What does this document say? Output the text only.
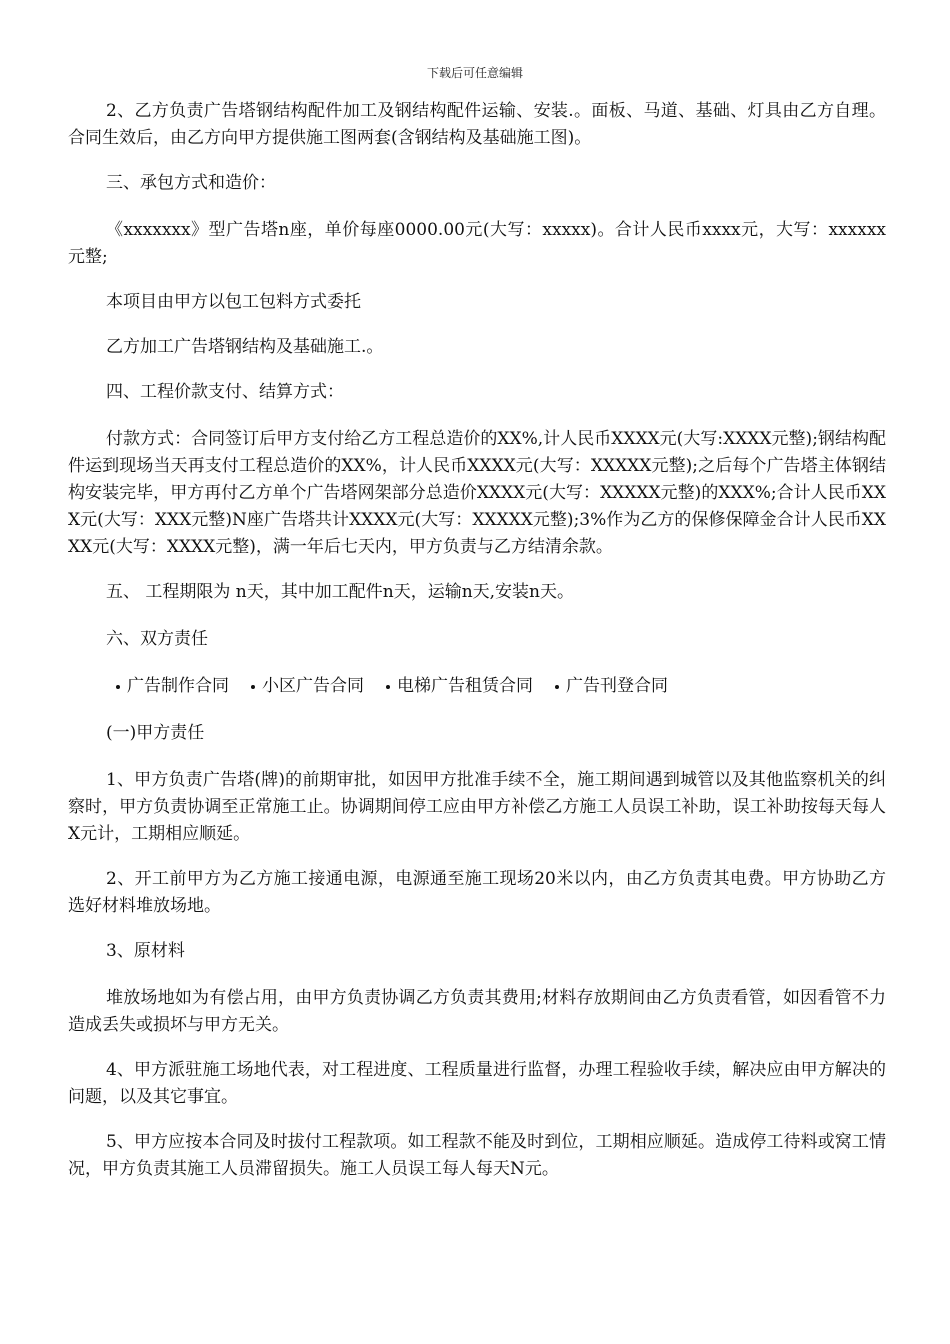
下载后可任意编辑

2、乙方负责广告塔钢结构配件加工及钢结构配件运输、安装.。面板、马道、基础、灯具由乙方自理。合同生效后，由乙方向甲方提供施工图两套(含钢结构及基础施工图)。

三、承包方式和造价：

《xxxxxxx》型广告塔n座，单价每座0000.00元(大写：xxxxx)。合计人民币xxxx元，大写：xxxxxx元整;

本项目由甲方以包工包料方式委托

乙方加工广告塔钢结构及基础施工.。

四、工程价款支付、结算方式：

付款方式：合同签订后甲方支付给乙方工程总造价的XX%,计人民币XXXX元(大写:XXXX元整);钢结构配件运到现场当天再支付工程总造价的XX%，计人民币XXXX元(大写：XXXXX元整);之后每个广告塔主体钢结构安装完毕，甲方再付乙方单个广告塔网架部分总造价XXXX元(大写：XXXXX元整)的XXX%;合计人民币XXX元(大写：XXX元整)N座广告塔共计XXXX元(大写：XXXXX元整);3%作为乙方的保修保障金合计人民币XXXX元(大写：XXXX元整)，满一年后七天内，甲方负责与乙方结清余款。

五、 工程期限为 n天，其中加工配件n天，运输n天,安装n天。

六、双方责任

广告制作合同 小区广告合同 电梯广告租赁合同 广告刊登合同

(一)甲方责任

1、甲方负责广告塔(牌)的前期审批，如因甲方批准手续不全，施工期间遇到城管以及其他监察机关的纠察时，甲方负责协调至正常施工止。协调期间停工应由甲方补偿乙方施工人员误工补助，误工补助按每天每人X元计，工期相应顺延。

2、开工前甲方为乙方施工接通电源，电源通至施工现场20米以内，由乙方负责其电费。甲方协助乙方选好材料堆放场地。

3、原材料

堆放场地如为有偿占用，由甲方负责协调乙方负责其费用;材料存放期间由乙方负责看管，如因看管不力造成丢失或损坏与甲方无关。

4、甲方派驻施工场地代表，对工程进度、工程质量进行监督，办理工程验收手续，解决应由甲方解决的问题，以及其它事宜。

5、甲方应按本合同及时拔付工程款项。如工程款不能及时到位，工期相应顺延。造成停工待料或窝工情况，甲方负责其施工人员滞留损失。施工人员误工每人每天N元。
